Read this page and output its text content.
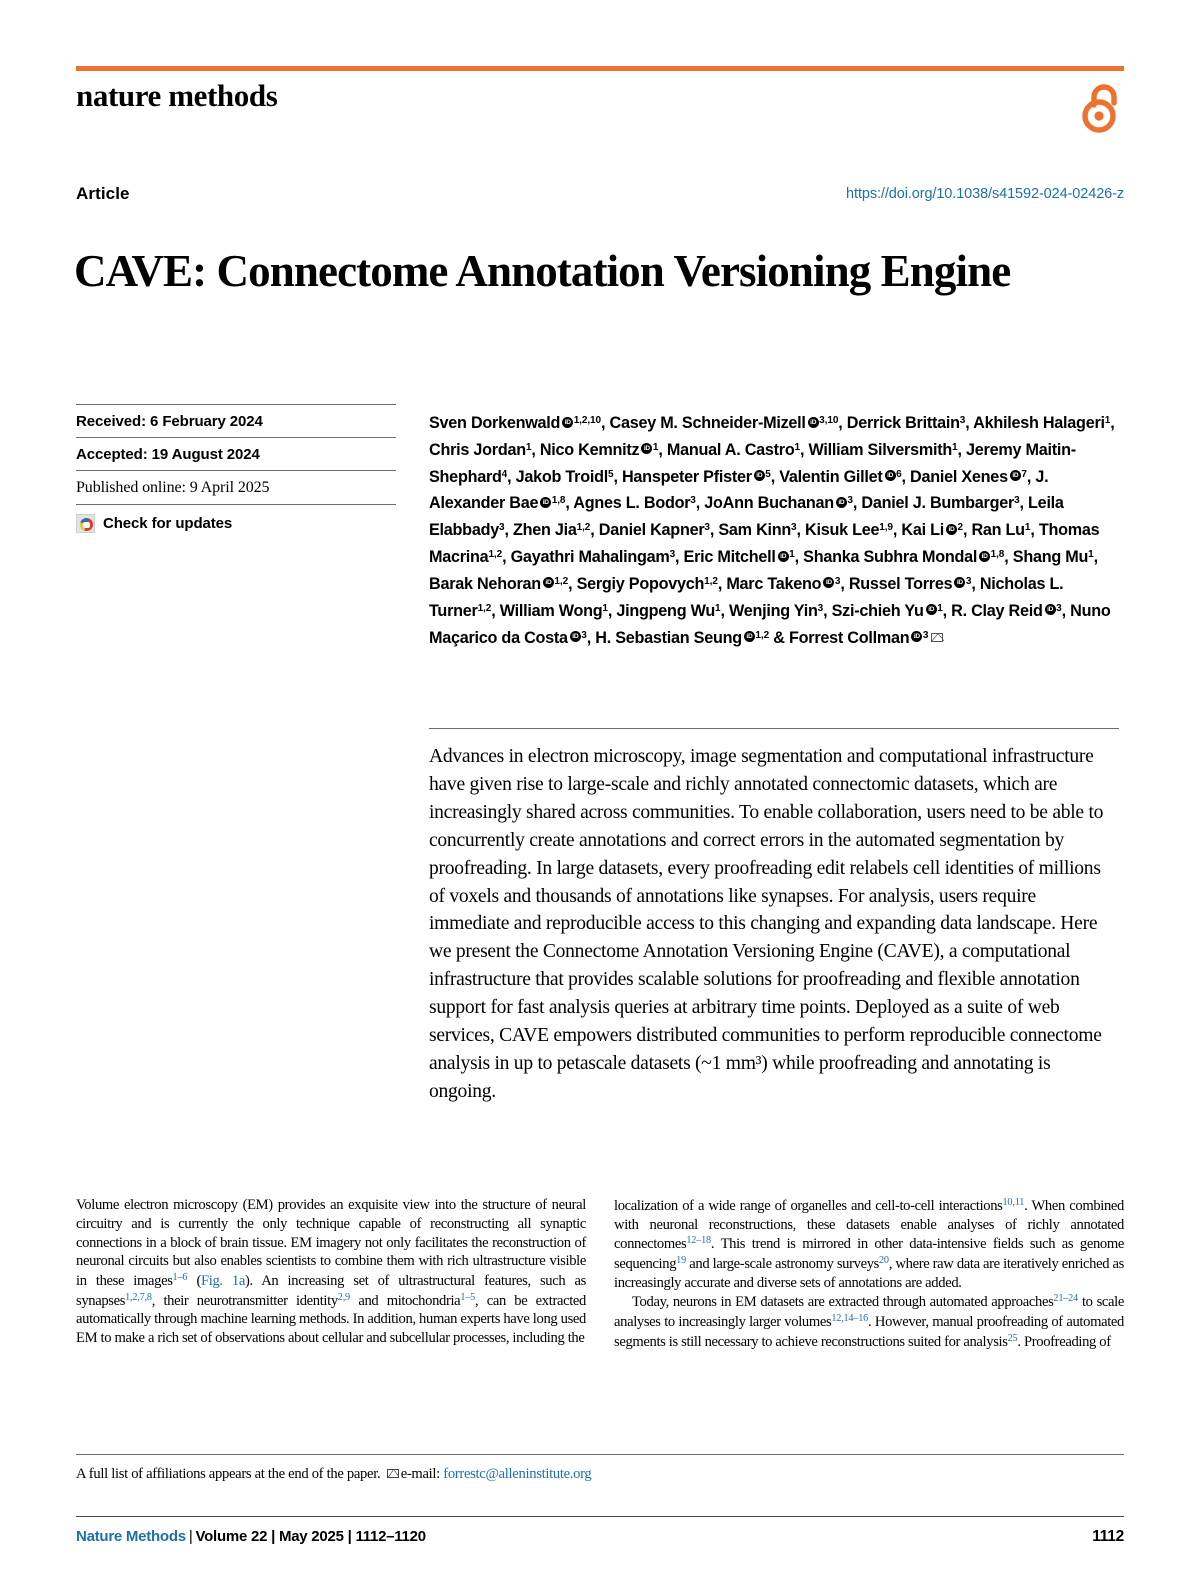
nature methods
Article	https://doi.org/10.1038/s41592-024-02426-z
CAVE: Connectome Annotation Versioning Engine
Received: 6 February 2024
Accepted: 19 August 2024
Published online: 9 April 2025
Check for updates
Sven Dorkenwald iD $^{1,2,10}$, Casey M. Schneider-Mizell iD $^{3,10}$, Derrick Brittain$^3$, Akhilesh Halageri$^1$, Chris Jordan$^1$, Nico Kemnitz iD $^1$, Manual A. Castro$^1$, William Silversmith$^1$, Jeremy Maitin-Shephard$^4$, Jakob Troidl$^5$, Hanspeter Pfister iD $^5$, Valentin Gillet iD $^6$, Daniel Xenes iD $^7$, J. Alexander Bae iD $^{1,8}$, Agnes L. Bodor$^3$, JoAnn Buchanan iD $^3$, Daniel J. Bumbarger$^3$, Leila Elabbady$^3$, Zhen Jia$^{1,2}$, Daniel Kapner$^3$, Sam Kinn$^3$, Kisuk Lee$^{1,9}$, Kai Li iD $^2$, Ran Lu$^1$, Thomas Macrina$^{1,2}$, Gayathri Mahalingam$^3$, Eric Mitchell iD $^1$, Shanka Subhra Mondal iD $^{1,8}$, Shang Mu$^1$, Barak Nehoran iD $^{1,2}$, Sergiy Popovych$^{1,2}$, Marc Takeno iD $^3$, Russel Torres iD $^3$, Nicholas L. Turner$^{1,2}$, William Wong$^1$, Jingpeng Wu$^1$, Wenjing Yin$^3$, Szi-chieh Yu iD $^1$, R. Clay Reid iD $^3$, Nuno Maçarico da Costa iD $^3$, H. Sebastian Seung iD $^{1,2}$ & Forrest CollmaniD $^3$
Advances in electron microscopy, image segmentation and computational infrastructure have given rise to large-scale and richly annotated connectomic datasets, which are increasingly shared across communities. To enable collaboration, users need to be able to concurrently create annotations and correct errors in the automated segmentation by proofreading. In large datasets, every proofreading edit relabels cell identities of millions of voxels and thousands of annotations like synapses. For analysis, users require immediate and reproducible access to this changing and expanding data landscape. Here we present the Connectome Annotation Versioning Engine (CAVE), a computational infrastructure that provides scalable solutions for proofreading and flexible annotation support for fast analysis queries at arbitrary time points. Deployed as a suite of web services, CAVE empowers distributed communities to perform reproducible connectome analysis in up to petascale datasets (~1 mm³) while proofreading and annotating is ongoing.

Volume electron microscopy (EM) provides an exquisite view into the structure of neural circuitry and is currently the only technique capable of reconstructing all synaptic connections in a block of brain tissue. EM imagery not only facilitates the reconstruction of neuronal circuits but also enables scientists to combine them with rich ultrastructure visible in these images$^{1-6}$ (Fig. 1a). An increasing set of ultrastructural features, such as synapses$^{1,2,7,8}$, their neurotransmitter identity$^{2,9}$ and mitochondria$^{1-5}$, can be extracted automatically through machine learning methods. In addition, human experts have long used EM to make a rich set of observations about cellular and subcellular processes, including the

localization of a wide range of organelles and cell-to-cell interactions$^{10,11}$. When combined with neuronal reconstructions, these datasets enable analyses of richly annotated connectomes$^{12-18}$. This trend is mirrored in other data-intensive fields such as genome sequencing$^{19}$ and large-scale astronomy surveys$^{20}$, where raw data are iteratively enriched as increasingly accurate and diverse sets of annotations are added.

Today, neurons in EM datasets are extracted through automated approaches$^{21-24}$ to scale analyses to increasingly larger volumes$^{12,14-16}$. However, manual proofreading of automated segments is still necessary to achieve reconstructions suited for analysis$^{25}$. Proofreading of

A full list of affiliations appears at the end of the paper. e-mail: forrestc@alleninstitute.org
Nature Methods | Volume 22 | May 2025 | 1112–1120	1112
